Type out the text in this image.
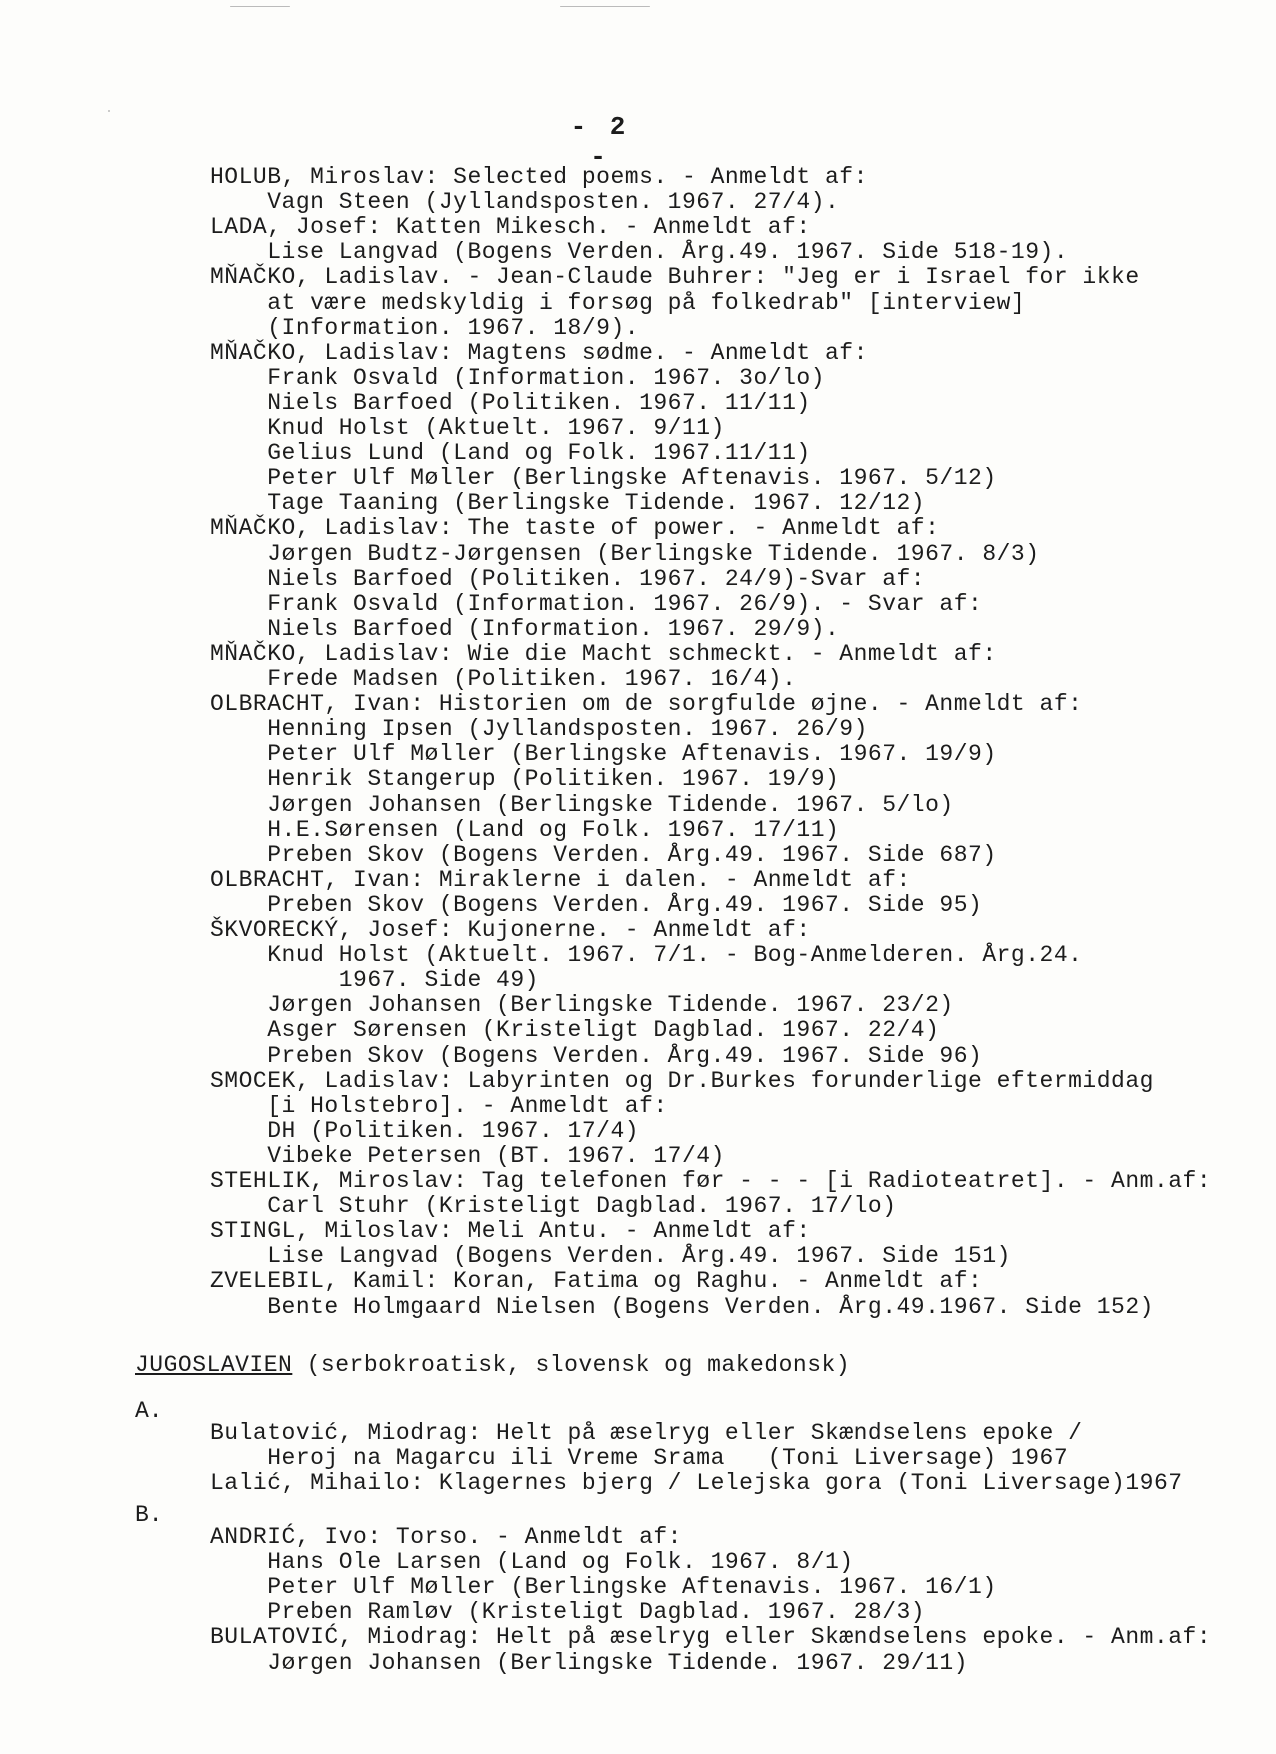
- 2 -
HOLUB, Miroslav: Selected poems. - Anmeldt af:
Vagn Steen (Jyllandsposten. 1967. 27/4).
LADA, Josef: Katten Mikesch. - Anmeldt af:
Lise Langvad (Bogens Verden. Årg.49. 1967. Side 518-19).
MŇAČKO, Ladislav. - Jean-Claude Buhrer: "Jeg er i Israel for ikke
at være medskyldig i forsøg på folkedrab" [interview]
(Information. 1967. 18/9).
MŇAČKO, Ladislav: Magtens sødme. - Anmeldt af:
Frank Osvald (Information. 1967. 3o/lo)
Niels Barfoed (Politiken. 1967. 11/11)
Knud Holst (Aktuelt. 1967. 9/11)
Gelius Lund (Land og Folk. 1967.11/11)
Peter Ulf Møller (Berlingske Aftenavis. 1967. 5/12)
Tage Taaning (Berlingske Tidende. 1967. 12/12)
MŇAČKO, Ladislav: The taste of power. - Anmeldt af:
Jørgen Budtz-Jørgensen (Berlingske Tidende. 1967. 8/3)
Niels Barfoed (Politiken. 1967. 24/9)-Svar af:
Frank Osvald (Information. 1967. 26/9). - Svar af:
Niels Barfoed (Information. 1967. 29/9).
MŇAČKO, Ladislav: Wie die Macht schmeckt. - Anmeldt af:
Frede Madsen (Politiken. 1967. 16/4).
OLBRACHT, Ivan: Historien om de sorgfulde øjne. - Anmeldt af:
Henning Ipsen (Jyllandsposten. 1967. 26/9)
Peter Ulf Møller (Berlingske Aftenavis. 1967. 19/9)
Henrik Stangerup (Politiken. 1967. 19/9)
Jørgen Johansen (Berlingske Tidende. 1967. 5/lo)
H.E.Sørensen (Land og Folk. 1967. 17/11)
Preben Skov (Bogens Verden. Årg.49. 1967. Side 687)
OLBRACHT, Ivan: Miraklerne i dalen. - Anmeldt af:
Preben Skov (Bogens Verden. Årg.49. 1967. Side 95)
ŠKVORECKÝ, Josef: Kujonerne. - Anmeldt af:
Knud Holst (Aktuelt. 1967. 7/1. - Bog-Anmelderen. Årg.24.
1967. Side 49)
Jørgen Johansen (Berlingske Tidende. 1967. 23/2)
Asger Sørensen (Kristeligt Dagblad. 1967. 22/4)
Preben Skov (Bogens Verden. Årg.49. 1967. Side 96)
SMOCEK, Ladislav: Labyrinten og Dr.Burkes forunderlige eftermiddag
[i Holstebro]. - Anmeldt af:
DH (Politiken. 1967. 17/4)
Vibeke Petersen (BT. 1967. 17/4)
STEHLIK, Miroslav: Tag telefonen før - - - [i Radioteatret]. - Anm.af:
Carl Stuhr (Kristeligt Dagblad. 1967. 17/lo)
STINGL, Miloslav: Meli Antu. - Anmeldt af:
Lise Langvad (Bogens Verden. Årg.49. 1967. Side 151)
ZVELEBIL, Kamil: Koran, Fatima og Raghu. - Anmeldt af:
Bente Holmgaard Nielsen (Bogens Verden. Årg.49.1967. Side 152)
JUGOSLAVIEN (serbokroatisk, slovensk og makedonsk)
A.
Bulatović, Miodrag: Helt på æselryg eller Skændselens epoke /
Heroj na Magarcu ili Vreme Srama   (Toni Liversage) 1967
Lalić, Mihailo: Klagernes bjerg / Lelejska gora (Toni Liversage)1967
B.
ANDRIĆ, Ivo: Torso. - Anmeldt af:
Hans Ole Larsen (Land og Folk. 1967. 8/1)
Peter Ulf Møller (Berlingske Aftenavis. 1967. 16/1)
Preben Ramløv (Kristeligt Dagblad. 1967. 28/3)
BULATOVIĆ, Miodrag: Helt på æselryg eller Skændselens epoke. - Anm.af:
Jørgen Johansen (Berlingske Tidende. 1967. 29/11)
